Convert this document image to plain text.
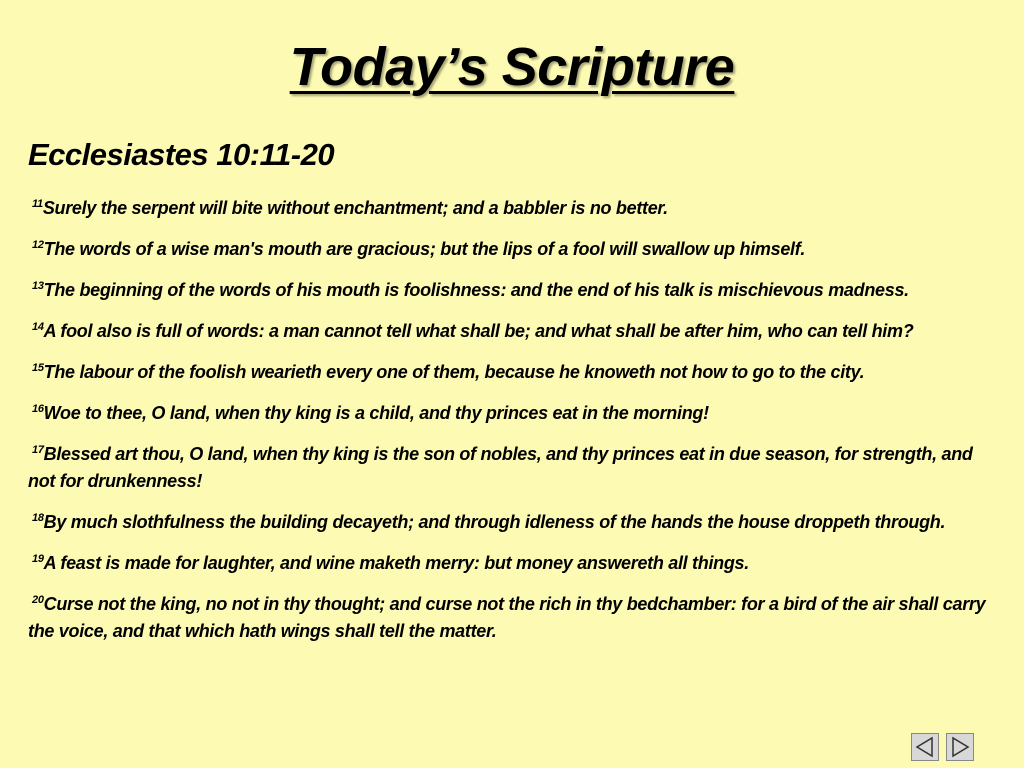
Today’s Scripture
Ecclesiastes 10:11-20

$^{11}$Surely the serpent will bite without enchantment; and a babbler is no better.

$^{12}$The words of a wise man's mouth are gracious; but the lips of a fool will swallow up himself.

$^{13}$The beginning of the words of his mouth is foolishness: and the end of his talk is mischievous madness.

$^{14}$A fool also is full of words: a man cannot tell what shall be; and what shall be after him, who can tell him?

$^{15}$The labour of the foolish wearieth every one of them, because he knoweth not how to go to the city.

$^{16}$Woe to thee, O land, when thy king is a child, and thy princes eat in the morning!

$^{17}$Blessed art thou, O land, when thy king is the son of nobles, and thy princes eat in due season, for strength, and not for drunkenness!

$^{18}$By much slothfulness the building decayeth; and through idleness of the hands the house droppeth through.

$^{19}$A feast is made for laughter, and wine maketh merry: but money answereth all things.

$^{20}$Curse not the king, no not in thy thought; and curse not the rich in thy bedchamber: for a bird of the air shall carry the voice, and that which hath wings shall tell the matter.
